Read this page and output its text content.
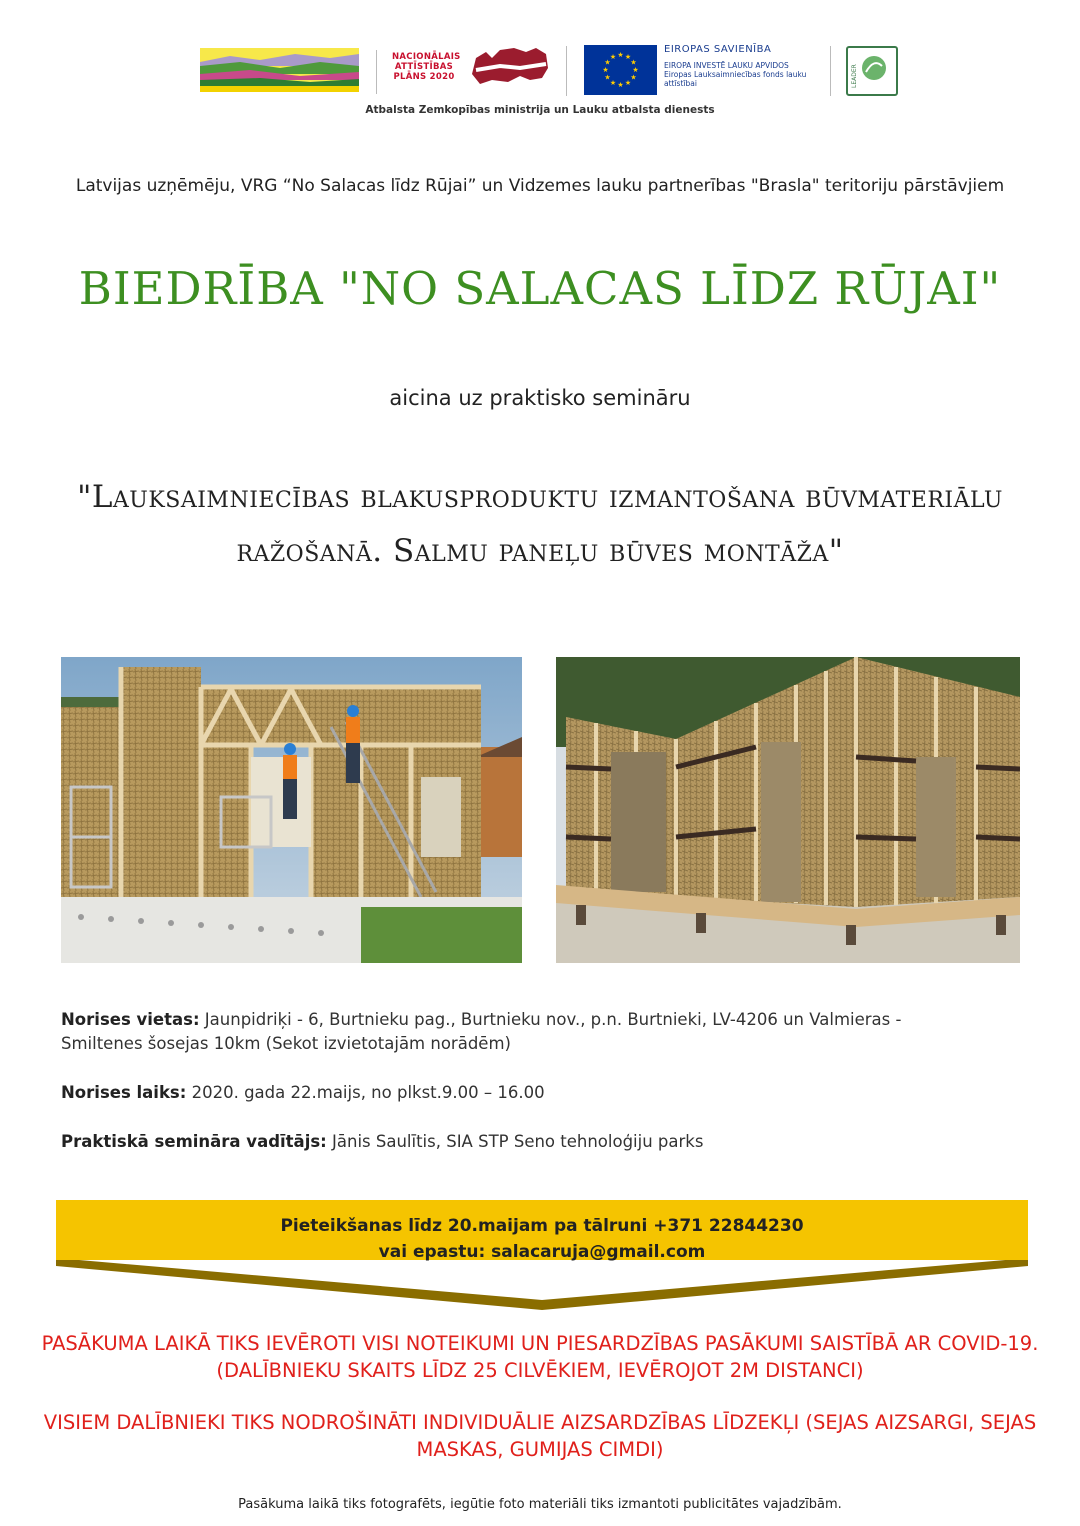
NACIONĀLAIS ATTĪSTĪBAS PLĀNS 2020
★ ★
★
★
★
★
★
★
★
★
★
★
EIROPAS SAVIENĪBA
EIROPA INVESTĒ LAUKU APVIDOS
Eiropas Lauksaimniecības fonds lauku attīstībai	LEADER
Atbalsta Zemkopības ministrija un Lauku atbalsta dienests
Latvijas uzņēmēju, VRG “No Salacas līdz Rūjai” un Vidzemes lauku partnerības "Brasla" teritoriju pārstāvjiem
BIEDRĪBA "NO SALACAS LĪDZ RŪJAI"
aicina uz praktisko semināru
"Lauksaimniecības blakusproduktu izmantošana būvmateriālu ražošanā. Salmu paneļu būves montāža"
Norises vietas: Jaunpidriķi - 6, Burtnieku pag., Burtnieku nov., p.n. Burtnieki, LV-4206 un Valmieras - Smiltenes šosejas 10km (Sekot izvietotajām norādēm)
Norises laiks: 2020. gada 22.maijs, no plkst.9.00 – 16.00
Praktiskā semināra vadītājs: Jānis Saulītis, SIA STP Seno tehnoloģiju parks
Pieteikšanas līdz 20.maijam pa tālruni +371 22844230
vai epastu: salacaruja@gmail.com
PASĀKUMA LAIKĀ TIKS IEVĒROTI VISI NOTEIKUMI UN PIESARDZĪBAS PASĀKUMI SAISTĪBĀ AR COVID-19. (DALĪBNIEKU SKAITS LĪDZ 25 CILVĒKIEM, IEVĒROJOT 2M DISTANCI)
VISIEM DALĪBNIEKI TIKS NODROŠINĀTI INDIVIDUĀLIE AIZSARDZĪBAS LĪDZEKĻI (SEJAS AIZSARGI, SEJAS MASKAS, GUMIJAS CIMDI)
Pasākuma laikā tiks fotografēts, iegūtie foto materiāli tiks izmantoti publicitātes vajadzībām.
